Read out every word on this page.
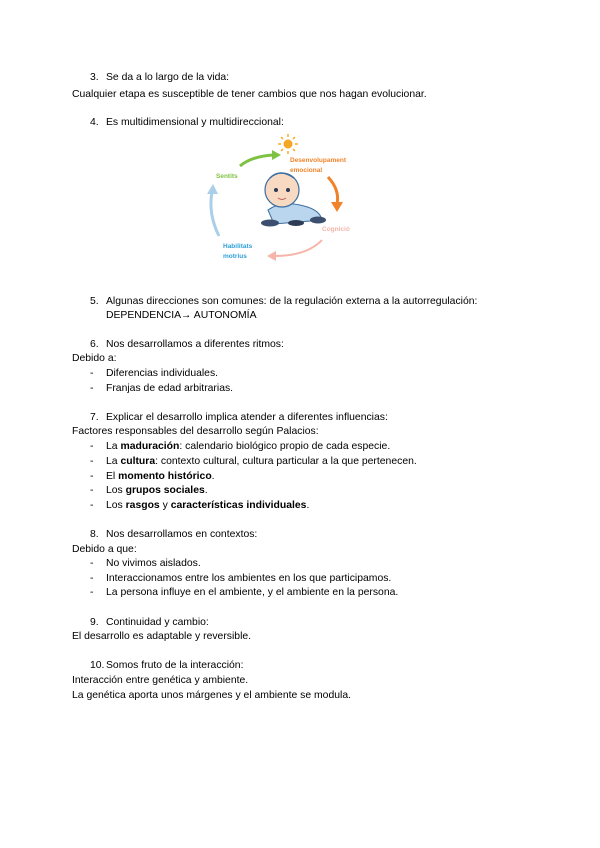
3. Se da a lo largo de la vida:
Cualquier etapa es susceptible de tener cambios que nos hagan evolucionar.
4. Es multidimensional y multidireccional:
Sentits
Desenvolupament
emocional
Cognició
Habilitats
motrius
5. Algunas direcciones son comunes: de la regulación externa a la autorregulación:
DEPENDENCIA→ AUTONOMÍA
6. Nos desarrollamos a diferentes ritmos:
Debido a:
- Diferencias individuales.
- Franjas de edad arbitrarias.
7. Explicar el desarrollo implica atender a diferentes influencias:
Factores responsables del desarrollo según Palacios:
- La maduración: calendario biológico propio de cada especie.
- La cultura: contexto cultural, cultura particular a la que pertenecen.
- El momento histórico.
- Los grupos sociales.
- Los rasgos y características individuales.
8. Nos desarrollamos en contextos:
Debido a que:
- No vivimos aislados.
- Interaccionamos entre los ambientes en los que participamos.
- La persona influye en el ambiente, y el ambiente en la persona.
9. Continuidad y cambio:
El desarrollo es adaptable y reversible.
10. Somos fruto de la interacción:
Interacción entre genética y ambiente.
La genética aporta unos márgenes y el ambiente se modula.
